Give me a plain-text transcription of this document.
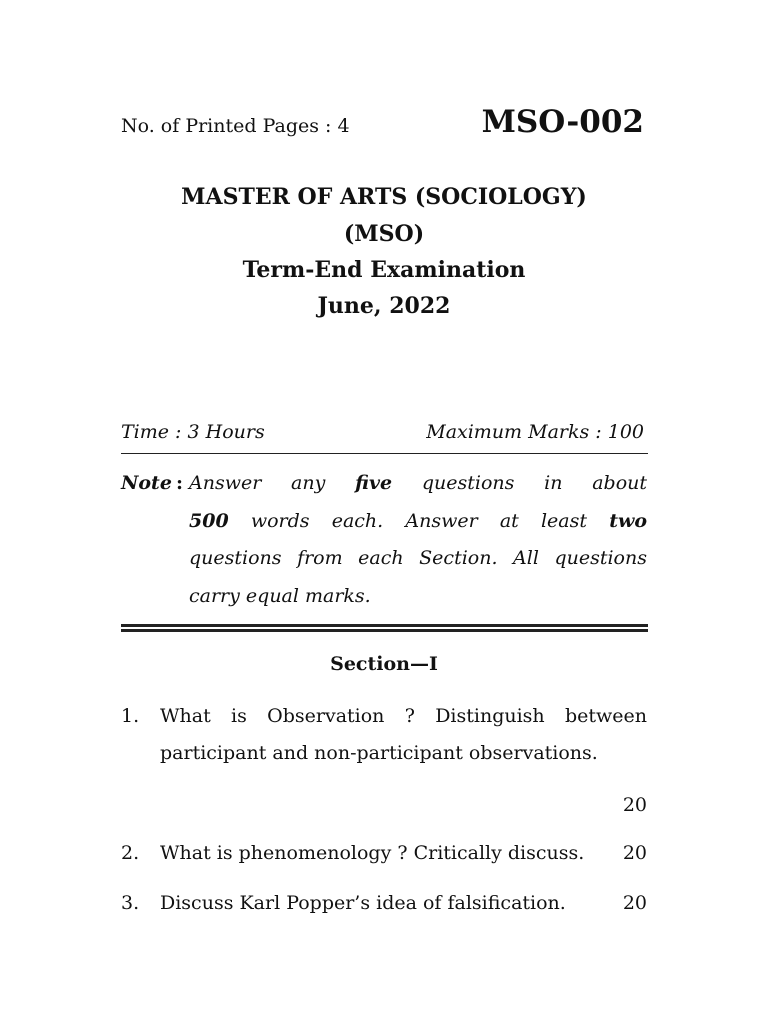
No. of Printed Pages : 4	MSO-002
MASTER OF ARTS (SOCIOLOGY)
(MSO)
Term-End Examination
June, 2022
Time : 3 Hours	Maximum Marks : 100
Note : Answer any five questions in about
500 words each. Answer at least two
questions from each Section. All questions
carry equal marks.
Section—I
1. What is Observation ? Distinguish between
participant and non-participant observations.
20
2. What is phenomenology ? Critically discuss. 20
3. Discuss Karl Popper’s idea of falsification.	20
